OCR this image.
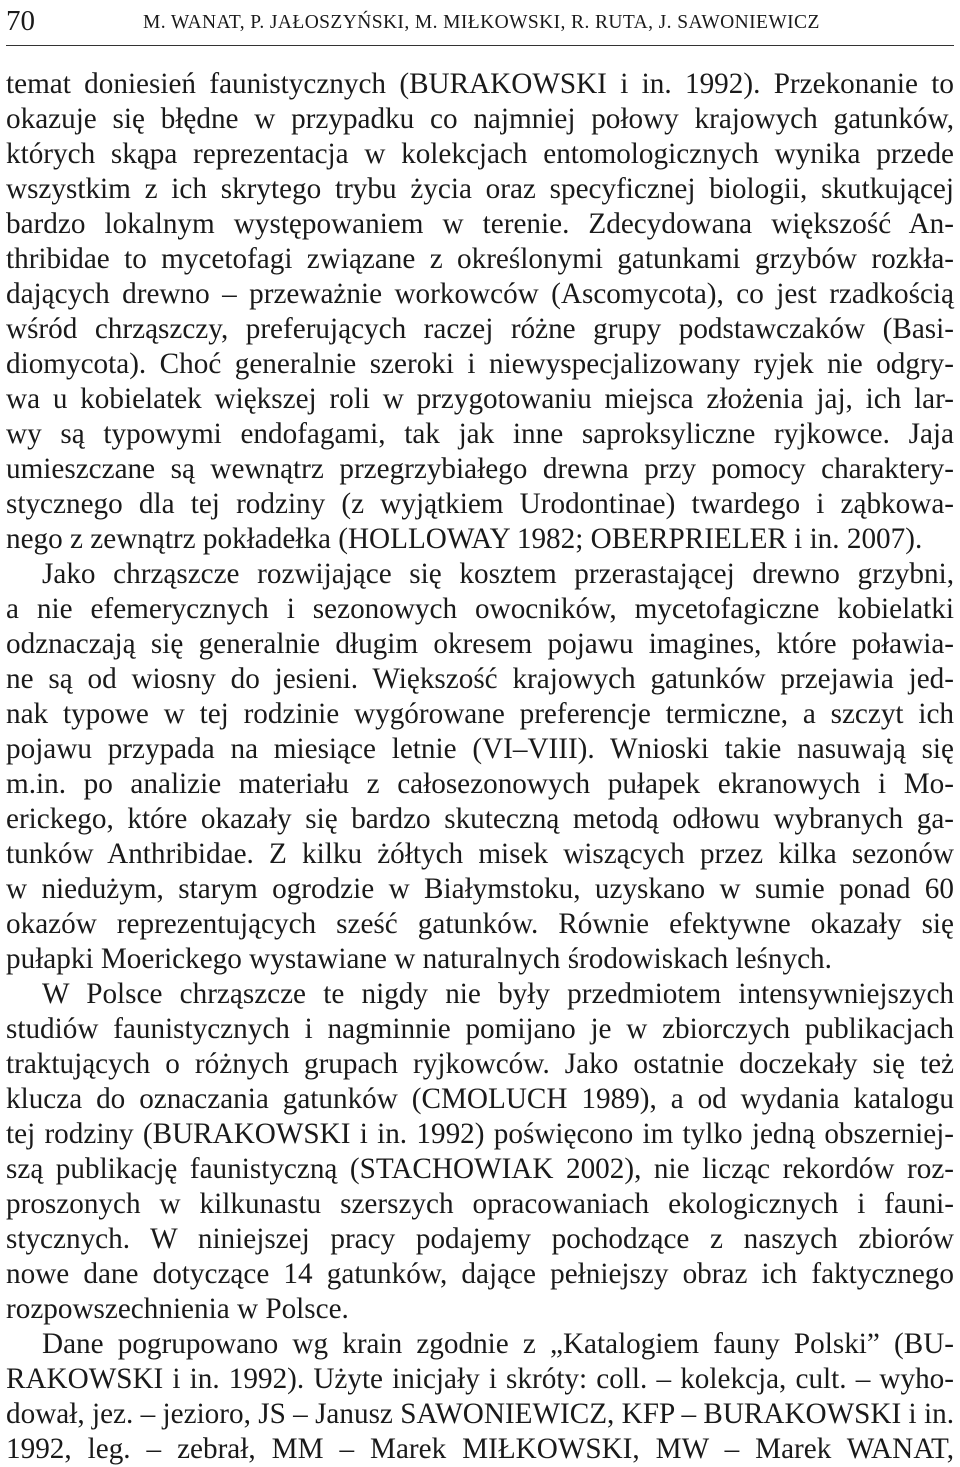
70	M. WANAT, P. JAŁOSZYŃSKI, M. MIŁKOWSKI, R. RUTA, J. SAWONIEWICZ
temat doniesień faunistycznych (BURAKOWSKI i in. 1992). Przekonanie to
okazuje się błędne w przypadku co najmniej połowy krajowych gatunków,
których skąpa reprezentacja w kolekcjach entomologicznych wynika przede
wszystkim z ich skrytego trybu życia oraz specyficznej biologii, skutkującej
bardzo lokalnym występowaniem w terenie. Zdecydowana większość An-
thribidae to mycetofagi związane z określonymi gatunkami grzybów rozkła-
dających drewno – przeważnie workowców (Ascomycota), co jest rzadkością
wśród chrząszczy, preferujących raczej różne grupy podstawczaków (Basi-
diomycota). Choć generalnie szeroki i niewyspecjalizowany ryjek nie odgry-
wa u kobielatek większej roli w przygotowaniu miejsca złożenia jaj, ich lar-
wy są typowymi endofagami, tak jak inne saproksyliczne ryjkowce. Jaja
umieszczane są wewnątrz przegrzybiałego drewna przy pomocy charaktery-
stycznego dla tej rodziny (z wyjątkiem Urodontinae) twardego i ząbkowa-
nego z zewnątrz pokładełka (HOLLOWAY 1982; OBERPRIELER i in. 2007).
Jako chrząszcze rozwijające się kosztem przerastającej drewno grzybni,
a nie efemerycznych i sezonowych owocników, mycetofagiczne kobielatki
odznaczają się generalnie długim okresem pojawu imagines, które poławia-
ne są od wiosny do jesieni. Większość krajowych gatunków przejawia jed-
nak typowe w tej rodzinie wygórowane preferencje termiczne, a szczyt ich
pojawu przypada na miesiące letnie (VI–VIII). Wnioski takie nasuwają się
m.in. po analizie materiału z całosezonowych pułapek ekranowych i Mo-
erickego, które okazały się bardzo skuteczną metodą odłowu wybranych ga-
tunków Anthribidae. Z kilku żółtych misek wiszących przez kilka sezonów
w niedużym, starym ogrodzie w Białymstoku, uzyskano w sumie ponad 60
okazów reprezentujących sześć gatunków. Równie efektywne okazały się
pułapki Moerickego wystawiane w naturalnych środowiskach leśnych.
W Polsce chrząszcze te nigdy nie były przedmiotem intensywniejszych
studiów faunistycznych i nagminnie pomijano je w zbiorczych publikacjach
traktujących o różnych grupach ryjkowców. Jako ostatnie doczekały się też
klucza do oznaczania gatunków (CMOLUCH 1989), a od wydania katalogu
tej rodziny (BURAKOWSKI i in. 1992) poświęcono im tylko jedną obszerniej-
szą publikację faunistyczną (STACHOWIAK 2002), nie licząc rekordów roz-
proszonych w kilkunastu szerszych opracowaniach ekologicznych i fauni-
stycznych. W niniejszej pracy podajemy pochodzące z naszych zbiorów
nowe dane dotyczące 14 gatunków, dające pełniejszy obraz ich faktycznego
rozpowszechnienia w Polsce.
Dane pogrupowano wg krain zgodnie z „Katalogiem fauny Polski” (BU-
RAKOWSKI i in. 1992). Użyte inicjały i skróty: coll. – kolekcja, cult. – wyho-
dował, jez. – jezioro, JS – Janusz SAWONIEWICZ, KFP – BURAKOWSKI i in.
1992, leg. – zebrał, MM – Marek MIŁKOWSKI, MW – Marek WANAT,
